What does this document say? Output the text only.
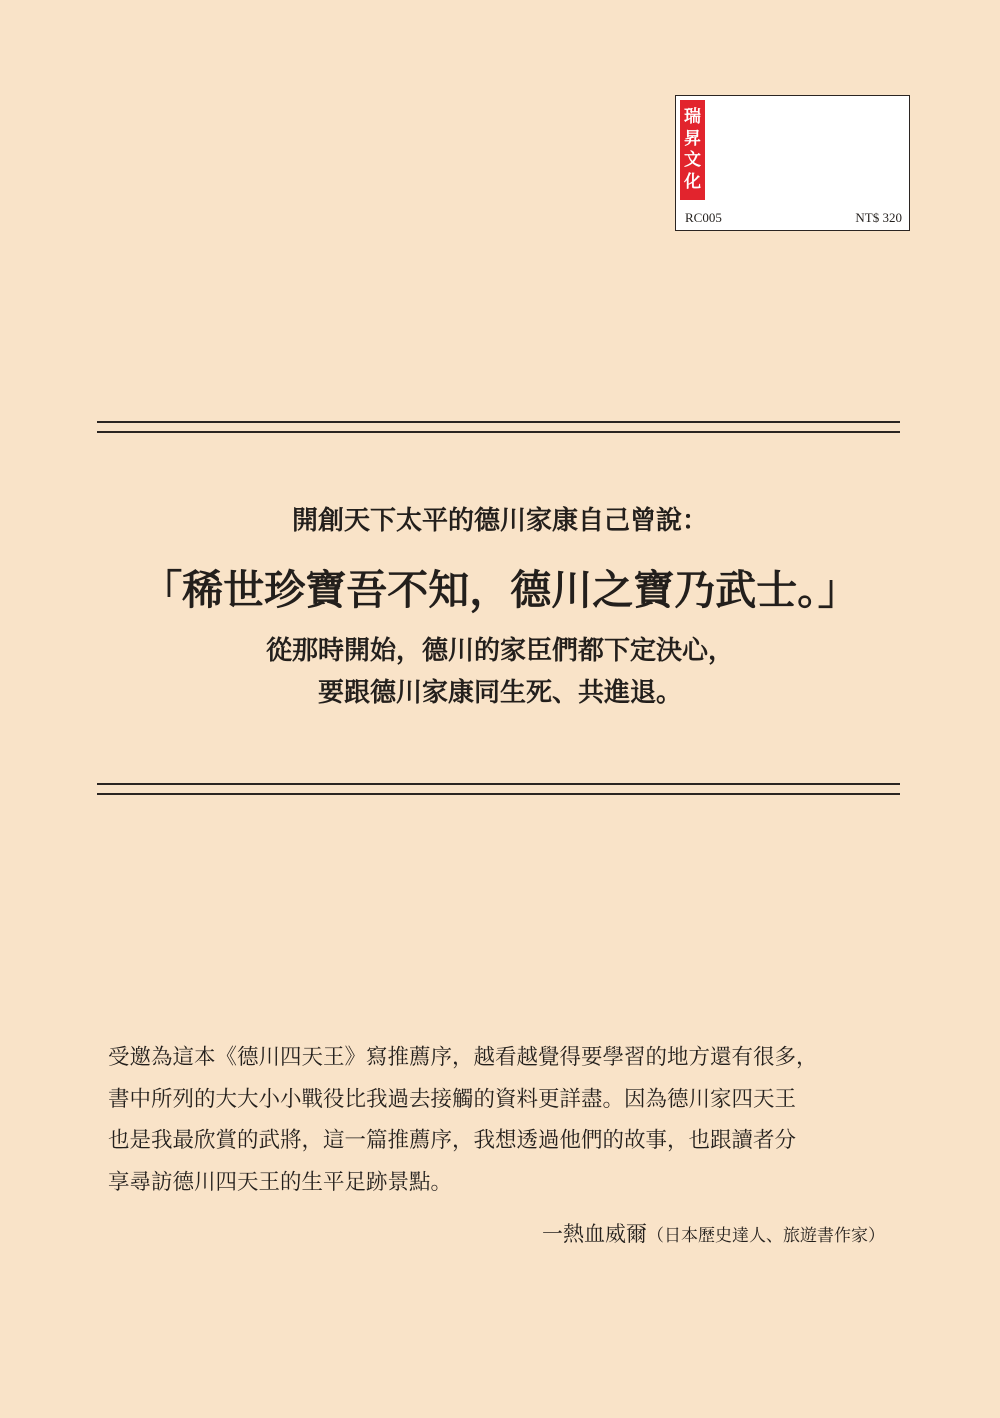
瑞
昇
文
化
RC005	NT$ 320
開創天下太平的德川家康自己曾說：
「稀世珍寶吾不知，德川之寶乃武士。」
從那時開始，德川的家臣們都下定決心，
要跟德川家康同生死、共進退。
受邀為這本《德川四天王》寫推薦序，越看越覺得要學習的地方還有很多，
書中所列的大大小小戰役比我過去接觸的資料更詳盡。因為德川家四天王
也是我最欣賞的武將，這一篇推薦序，我想透過他們的故事，也跟讀者分
享尋訪德川四天王的生平足跡景點。
一熱血威爾（日本歷史達人、旅遊書作家）
